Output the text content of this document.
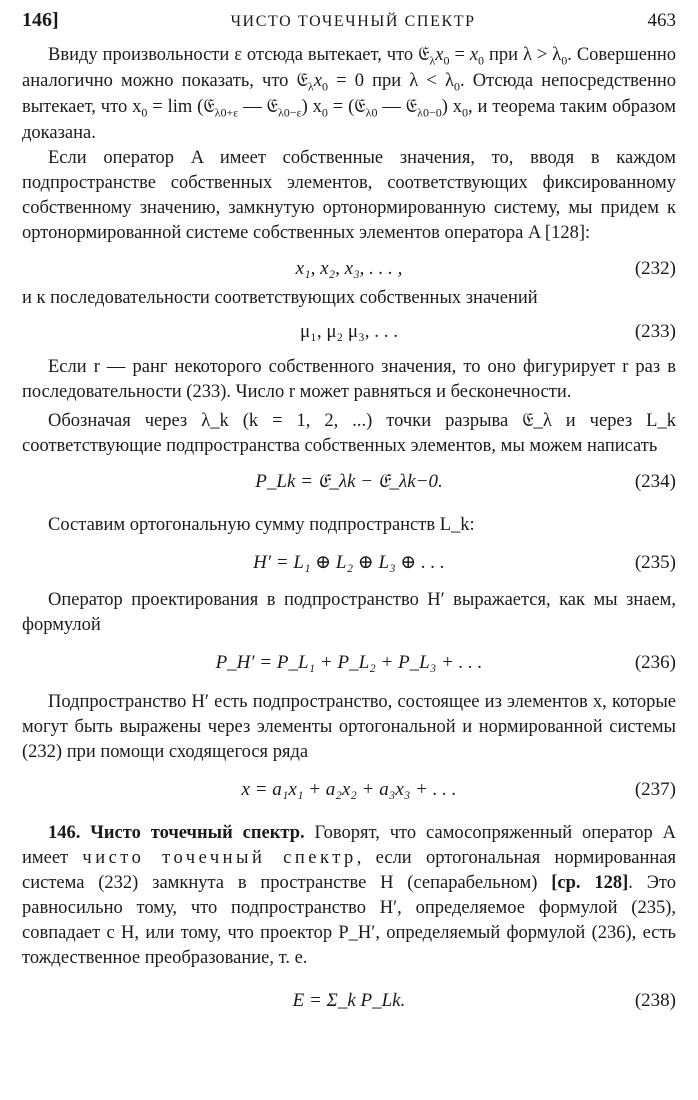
146]	ЧИСТО ТОЧЕЧНЫЙ СПЕКТР	463

Ввиду произвольности ε отсюда вытекает, что $𝔈_\lambda x_0 = x_0$ при $\lambda > \lambda_0$. Совершенно аналогично можно показать, что $𝔈_\lambda x_0 = 0$ при $\lambda < \lambda_0$. Отсюда непосредственно вытекает, что $x_0 = \lim$ (𝔈$_{\lambda 0+\varepsilon}$ — 𝔈$_{\lambda 0-\varepsilon}$) $x_0$ = (𝔈$_{\lambda 0}$ — 𝔈$_{\lambda 0-0}$) $x_0$, и теорема таким образом доказана.

Если оператор A имеет собственные значения, то, вводя в каждом подпространстве собственных элементов, соответствующих фиксированному собственному значению, замкнутую ортонормированную систему, мы придем к ортонормированной системе собственных элементов оператора A [128]:

x₁, x₂, x₃, . . . ,	(232)

и к последовательности соответствующих собственных значений

μ₁, μ₂ μ₃, . . .	(233)

Если r — ранг некоторого собственного значения, то оно фигурирует r раз в последовательности (233). Число r может равняться и бесконечности.

Обозначая через λ_k (k = 1, 2, ...) точки разрыва 𝔈_λ и через L_k соответствующие подпространства собственных элементов, мы можем написать

P_Lk = 𝔈_λk − 𝔈_λk−0.	(234)

Составим ортогональную сумму подпространств L_k:

H′ = L₁ ⊕ L₂ ⊕ L₃ ⊕ . . .	(235)

Оператор проектирования в подпространство H′ выражается, как мы знаем, формулой

P_H′ = P_L₁ + P_L₂ + P_L₃ + . . .	(236)

Подпространство H′ есть подпространство, состоящее из элементов x, которые могут быть выражены через элементы ортогональной и нормированной системы (232) при помощи сходящегося ряда

x = a₁x₁ + a₂x₂ + a₃x₃ + . . .	(237)

146. Чисто точечный спектр. Говорят, что самосопряженный оператор A имеет чисто точечный спектр, если ортогональная нормированная система (232) замкнута в пространстве H (сепарабельном) [ср. 128]. Это равносильно тому, что подпространство H′, определяемое формулой (235), совпадает с H, или тому, что проектор P_H′, определяемый формулой (236), есть тождественное преобразование, т. е.

E = Σ_k P_Lk.	(238)
